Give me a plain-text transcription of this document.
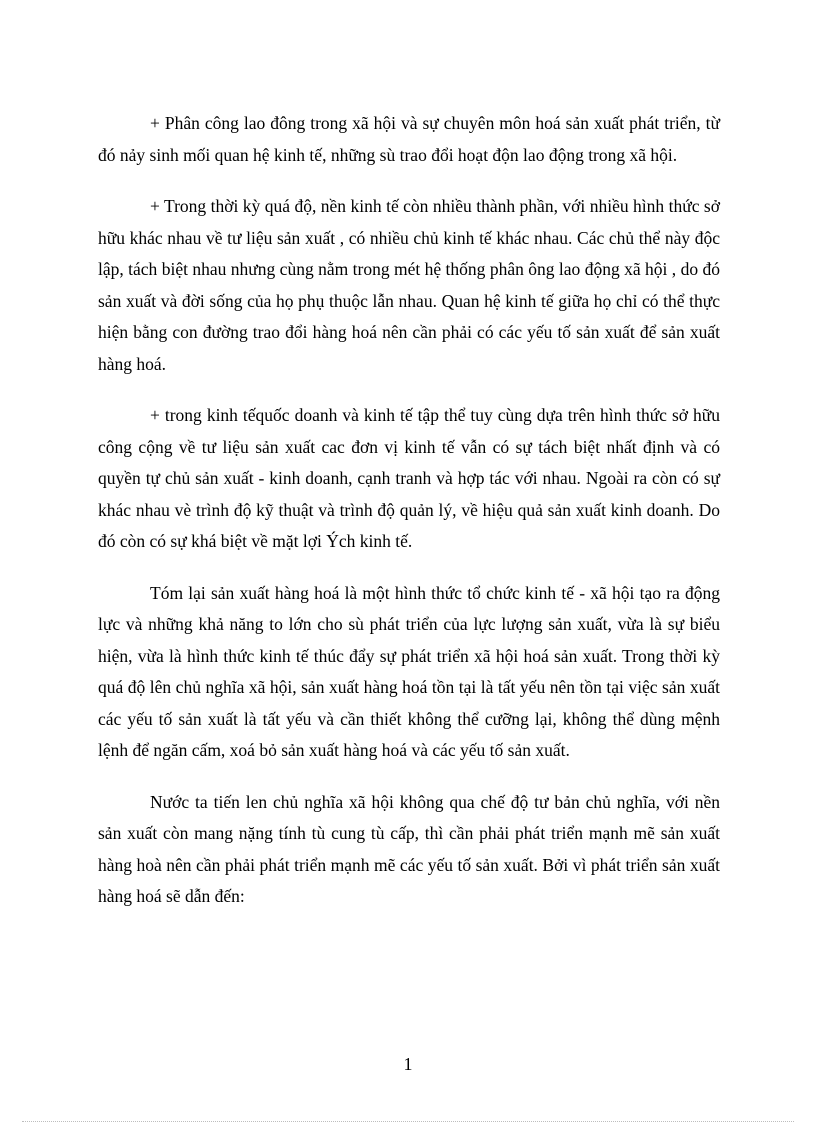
+ Phân công lao đông trong xã hội và sự chuyên môn hoá sản xuất phát triển, từ đó nảy sinh mối quan hệ kinh tế, những sù trao đổi hoạt độn lao động trong xã hội.

+ Trong thời kỳ quá độ, nền kinh tế còn nhiều thành phần, với nhiều hình thức sở hữu khác nhau về tư liệu sản xuất , có nhiều chủ kinh tế khác nhau. Các chủ thể này độc lập, tách biệt nhau nhưng cùng nằm trong mét hệ thống phân ông lao động xã hội , do đó sản xuất và đời sống của họ phụ thuộc lẫn nhau. Quan hệ kinh tế giữa họ chỉ có thể thực hiện bằng con đường trao đổi hàng hoá nên cần phải có các yếu tố sản xuất để sản xuất hàng hoá.

+ trong kinh tếquốc doanh và kinh tế tập thể tuy cùng dựa trên hình thức sở hữu công cộng về tư liệu sản xuất cac đơn vị kinh tế vẫn có sự tách biệt nhất định và có quyền tự chủ sản xuất - kinh doanh, cạnh tranh và hợp tác với nhau. Ngoài ra còn có sự khác nhau vè trình độ kỹ thuật và trình độ quản lý, về hiệu quả sản xuất kinh doanh. Do đó còn có sự khá biệt về mặt lợi Ých kinh tế.

Tóm lại sản xuất hàng hoá là một hình thức tổ chức kinh tế - xã hội tạo ra động lực và những khả năng to lớn cho sù phát triển của lực lượng sản xuất, vừa là sự biểu hiện, vừa là hình thức kinh tế thúc đẩy sự phát triển xã hội hoá sản xuất. Trong thời kỳ quá độ lên chủ nghĩa xã hội, sản xuất hàng hoá tồn tại là tất yếu nên tồn tại việc sản xuất các yếu tố sản xuất là tất yếu và cần thiết không thể cưỡng lại, không thể dùng mệnh lệnh để ngăn cấm, xoá bỏ sản xuất hàng hoá và các yếu tố sản xuất.

Nước ta tiến len chủ nghĩa xã hội không qua chế độ tư bản chủ nghĩa, với nền sản xuất còn mang nặng tính tù cung tù cấp, thì cần phải phát triển mạnh mẽ sản xuất hàng hoà nên cần phải phát triển mạnh mẽ các yếu tố sản xuất. Bởi vì phát triển sản xuất hàng hoá sẽ dẫn đến:

1
